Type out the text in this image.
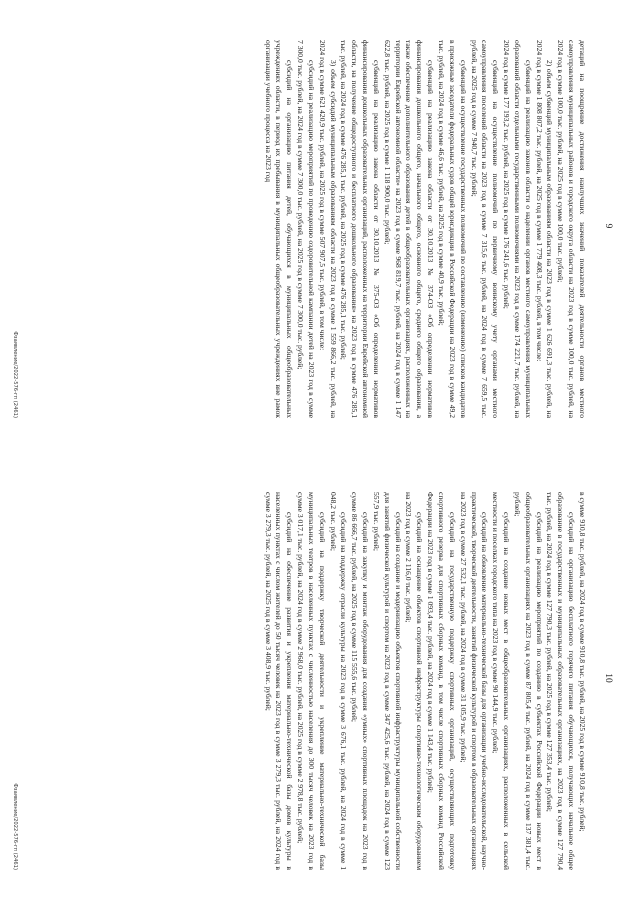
9

детаций на поощрение достижения наилучших значений показателей деятельности органов местного самоуправления муниципальных районов и городского округа области на 2023 год в сумме 100,0 тыс. рублей, на 2024 год в сумме 100,0 тыс. рублей, на 2025 год в сумме 100,0 тыс. рублей;

2) объем субвенций муниципальным образованиям области на 2023 год в сумме 1 626 691,3 тыс. рублей, на 2024 год в сумме 1 808 807,2 тыс. рублей, на 2025 год в сумме 1 779 408,3 тыс. рублей, в том числе:

субвенций на реализацию законов области о наделении органов местного самоуправления муниципальных образований области отдельными государственными полномочиями на 2023 год в сумме 174 221,7 тыс. рублей, на 2024 год в сумме 177 193,2 тыс. рублей, на 2025 год в сумме 176 241,6 тыс. рублей;

субвенций на осуществление полномочий по первичному воинскому учету органами местного самоуправления поселений области на 2023 год в сумме 7 315,6 тыс. рублей, на 2024 год в сумме 7 659,5 тыс. рублей, на 2025 год в сумме 7 940,7 тыс. рублей;

субвенций на осуществление государственных полномочий по составлению (изменению) списков кандидатов в присяжные заседатели федеральных судов общей юрисдикции в Российской Федерации на 2023 год в сумме 49,2 тыс. рублей, на 2024 год в сумме 46,6 тыс. рублей, на 2025 год в сумме 40,9 тыс. рублей;

субвенций на реализацию закона области от 30.10.2013 № 374-ОЗ «Об определении нормативов финансирования дошкольного общего, начального общего, основного общего, среднего общего образования, а также обеспечение дополнительного образования детей в общеобразовательных организациях, расположенных на территории Еврейской автономной области» на 2023 год в сумме 968 819,7 тыс. рублей, на 2024 год в сумме 1 147 622,8 тыс. рублей, на 2025 год в сумме 1 118 900,0 тыс. рублей;

субвенций на реализацию закона области от 30.10.2013 № 375-ОЗ «Об определении нормативов финансирования дошкольных образовательных организаций, расположенных на территории Еврейской автономной области, на получение общедоступного и бесплатного дошкольного образования» на 2023 год в сумме 476 285,1 тыс. рублей, на 2024 год в сумме 476 285,1 тыс. рублей, на 2025 год в сумме 476 285,1 тыс. рублей;

3) объем субсидий муниципальным образованиям области на 2023 год в сумме 1 559 866,2 тыс. рублей, на 2024 год в сумме 621 420,9 тыс. рублей, на 2025 год в сумме 507 907,5 тыс. рублей, в том числе:

субсидий на реализацию мероприятий по проведению оздоровительной кампании детей на 2023 год в сумме 7 300,0 тыс. рублей, на 2024 год в сумме 7 300,0 тыс. рублей, на 2025 год в сумме 7 300,0 тыс. рублей;

субсидий на организацию питания детей, обучающихся в муниципальных общеобразовательных учреждениях области, в период их пребывания в муниципальных общеобразовательных учреждениях вне рамок организации учебного процесса на 2023 год

Фзаявление/2022-576-гп (2461)
10

в сумме 910,8 тыс. рублей, на 2024 год в сумме 910,8 тыс. рублей, на 2025 год в сумме 910,8 тыс. рублей;

субсидий на организацию бесплатного горячего питания обучающихся, получающих начальное общее образование в государственных и муниципальных образовательных организациях, на 2023 год в сумме 127 790,4 тыс. рублей, на 2024 год в сумме 127 790,3 тыс. рублей, на 2025 год в сумме 127 353,4 тыс. рублей;

субсидий на реализацию мероприятий по созданию в субъектах Российской Федерации новых мест в общеобразовательных организациях на 2023 год в сумме 87 805,4 тыс. рублей, на 2024 год в сумме 137 381,4 тыс. рублей;

субсидий на создание новых мест в общеобразовательных организациях, расположенных в сельской местности и поселках городского типа на 2023 год в сумме 90 144,9 тыс. рублей;

субсидий на обновление материально-технической базы для организации учебно-исследовательской, научно-практической, творческой деятельности, занятий физической культурой и спортом в образовательных организациях на 2023 год в сумме 27 532,1 тыс. рублей, на 2024 год в сумме 31 105,9 тыс. рублей;

субсидий на государственную поддержку спортивных организаций, осуществляющих подготовку спортивного резерва для спортивных сборных команд, в том числе спортивных сборных команд Российской Федерации на 2023 год в сумме 1 093,4 тыс. рублей, на 2024 год в сумме 1 143,4 тыс. рублей;

субсидий на оснащение объектов спортивной инфраструктуры спортивно-технологическим оборудованием на 2023 год в сумме 2 116,0 тыс. рублей;

субсидий на создание и модернизацию объектов спортивной инфраструктуры муниципальной собственности для занятий физической культурой и спортом на 2023 год в сумме 347 425,6 тыс. рублей, на 2024 год в сумме 123 557,9 тыс. рублей;

субсидий на закупку и монтаж оборудования для создания «умных» спортивных площадок на 2023 год в сумме 86 666,7 тыс. рублей, на 2025 год в сумме 115 555,6 тыс. рублей;

субсидий на поддержку отрасли культуры на 2023 год в сумме 3 676,1 тыс. рублей, на 2024 год в сумме 1 048,2 тыс. рублей;

субсидий на поддержку творческой деятельности и укрепление материально-технической базы муниципальных театров в населенных пунктах с численностью населения до 300 тысяч человек на 2023 год в сумме 3 017,1 тыс. рублей, на 2024 год в сумме 2 968,0 тыс. рублей, на 2025 год в сумме 2 978,8 тыс. рублей;

субсидий на обеспечение развития и укрепления материально-технической базы домов культуры в населенных пунктах с числом жителей до 50 тысяч человек на 2023 год в сумме 3 279,3 тыс. рублей, на 2024 год в сумме 3 279,3 тыс. рублей, на 2025 год в сумме 3 408,9 тыс. рублей;

Фзаявление/2022-576-гп (2461)
